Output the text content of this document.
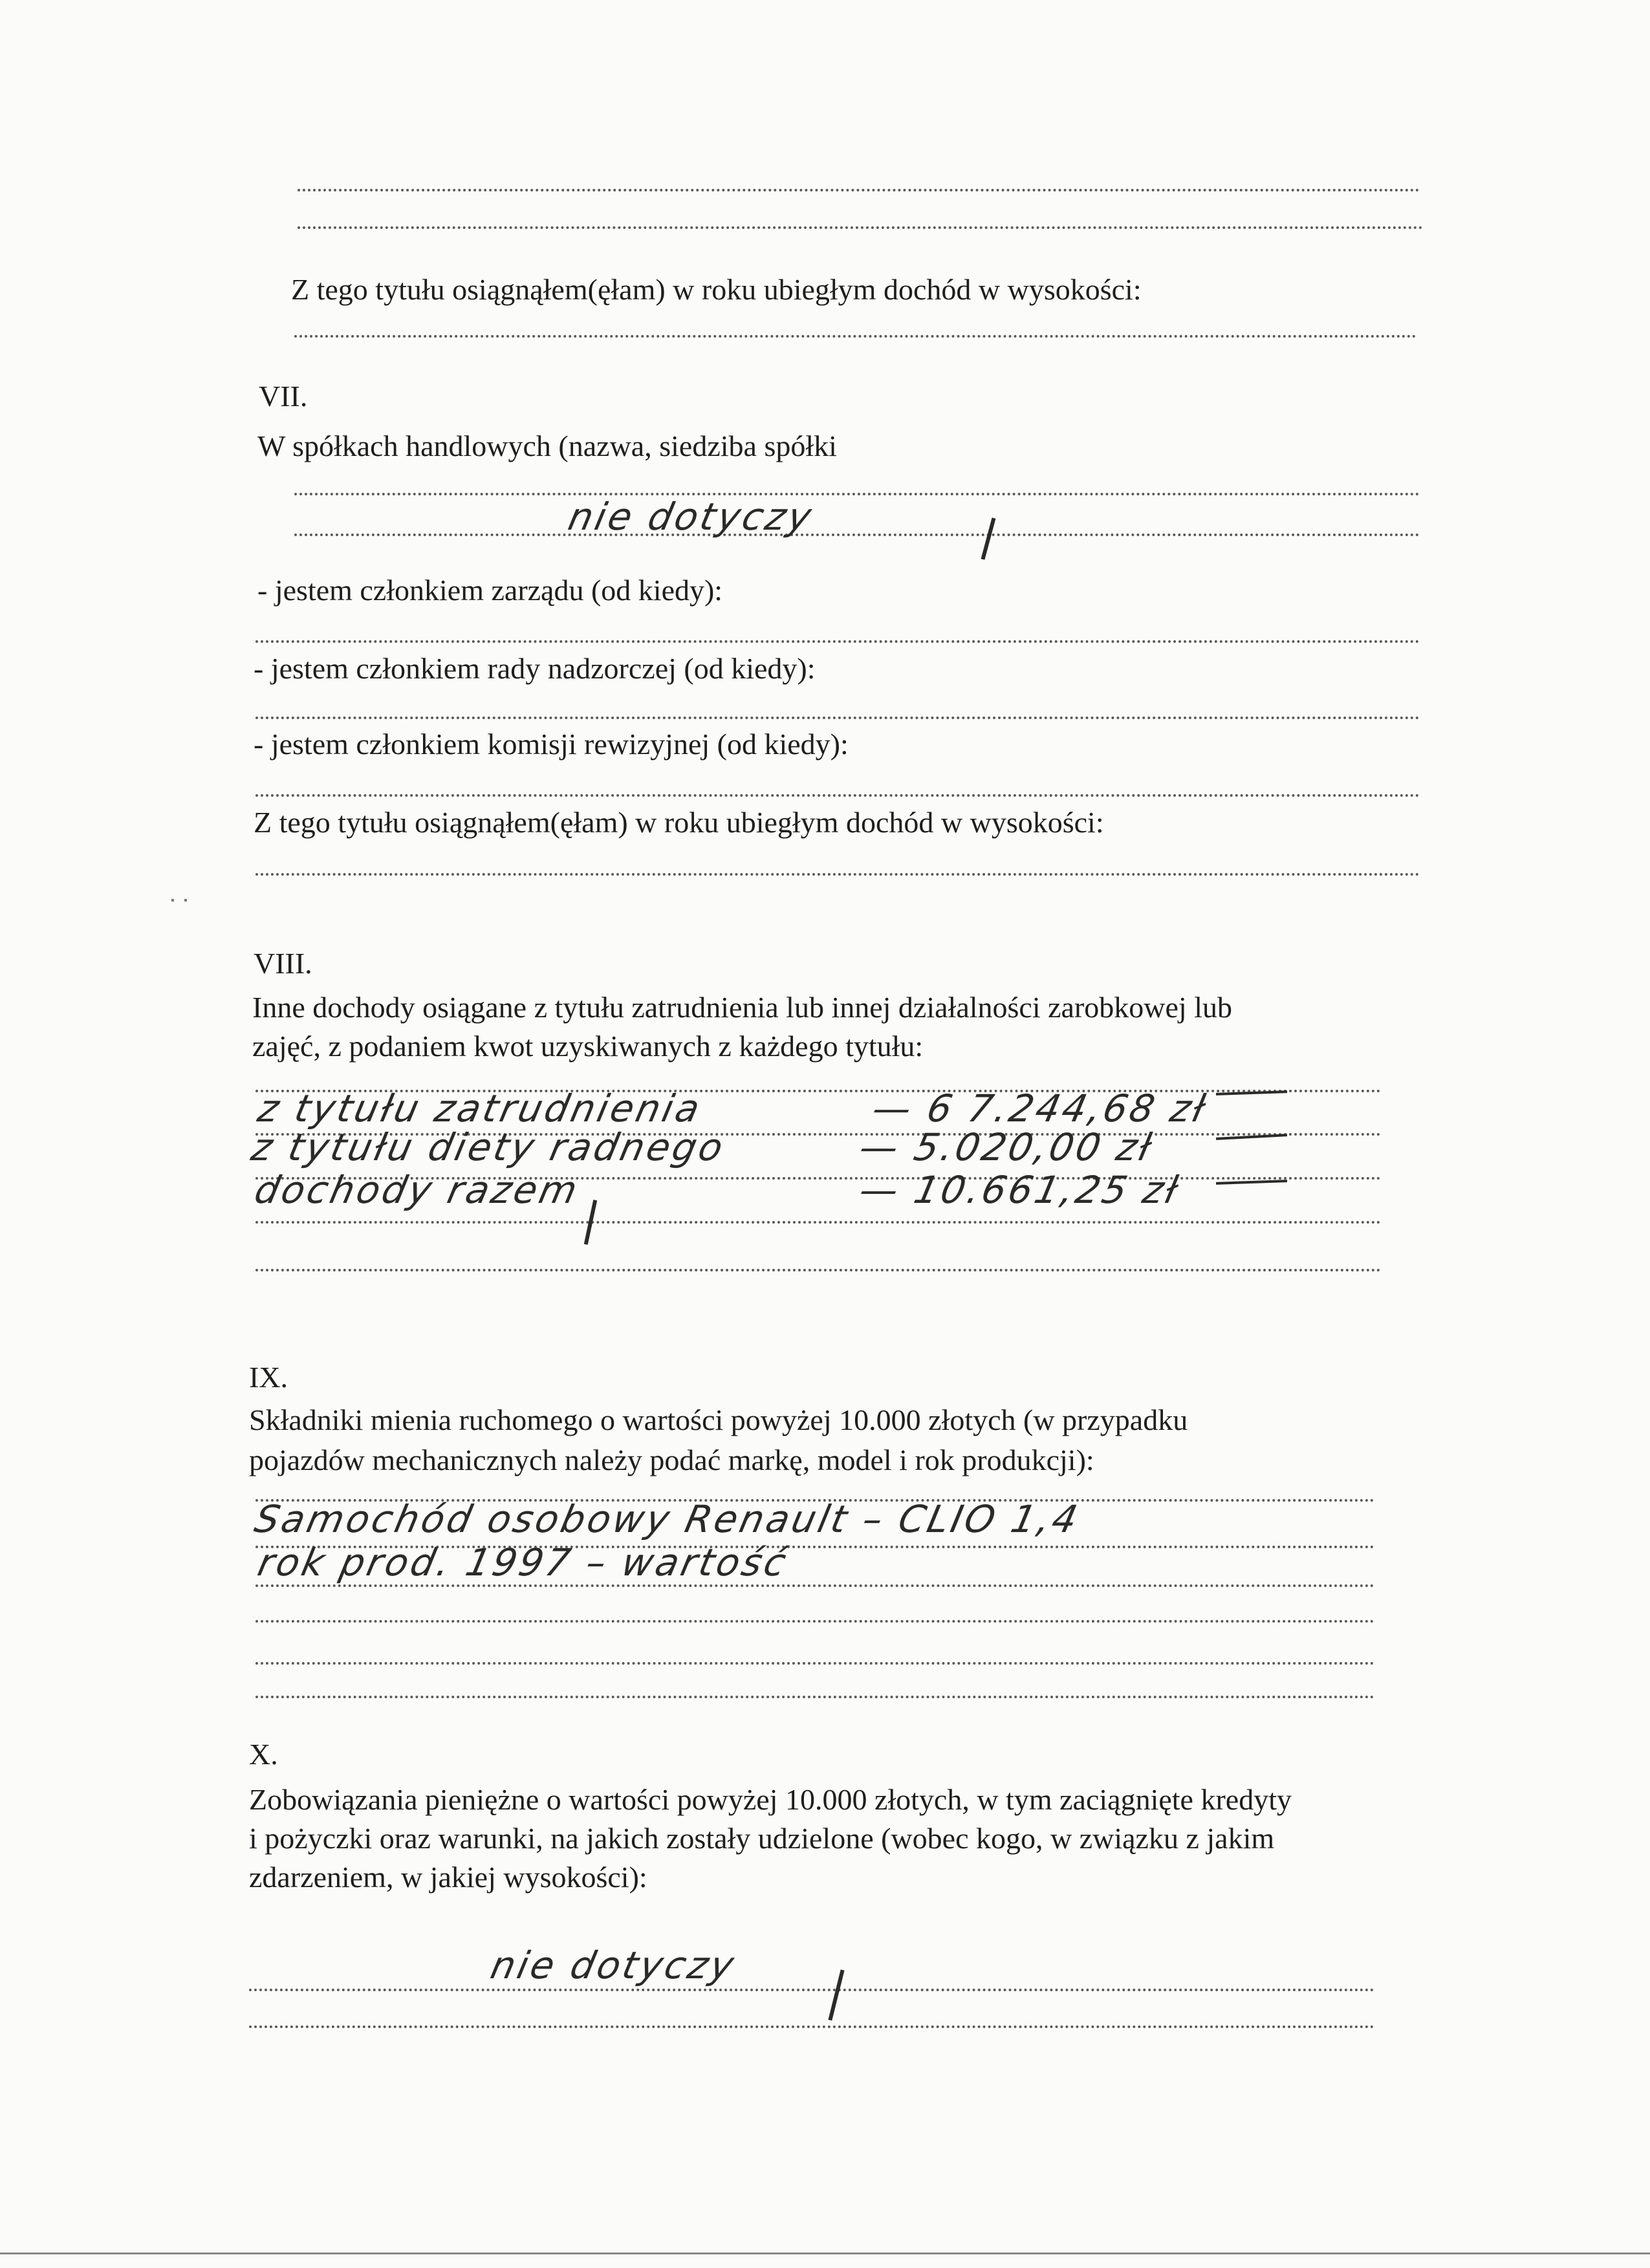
Z tego tytułu osiągnąłem(ęłam) w roku ubiegłym dochód w wysokości:
VII.
W spółkach handlowych (nazwa, siedziba spółki
nie dotyczy
- jestem członkiem zarządu (od kiedy):
- jestem członkiem rady nadzorczej (od kiedy):
- jestem członkiem komisji rewizyjnej (od kiedy):
Z tego tytułu osiągnąłem(ęłam) w roku ubiegłym dochód w wysokości:
VIII.
Inne dochody osiągane z tytułu zatrudnienia lub innej działalności zarobkowej lub
zajęć, z podaniem kwot uzyskiwanych z każdego tytułu:
z tytułu zatrudnienia	— 6 7.244,68 zł
z tytułu diety radnego	— 5.020,00 zł
dochody razem	— 10.661,25 zł
IX.
Składniki mienia ruchomego o wartości powyżej 10.000 złotych (w przypadku
pojazdów mechanicznych należy podać markę, model i rok produkcji):
Samochód osobowy Renault – CLIO 1,4
rok prod. 1997 – wartość
X.
Zobowiązania pieniężne o wartości powyżej 10.000 złotych, w tym zaciągnięte kredyty
i pożyczki oraz warunki, na jakich zostały udzielone (wobec kogo, w związku z jakim
zdarzeniem, w jakiej wysokości):
nie dotyczy
